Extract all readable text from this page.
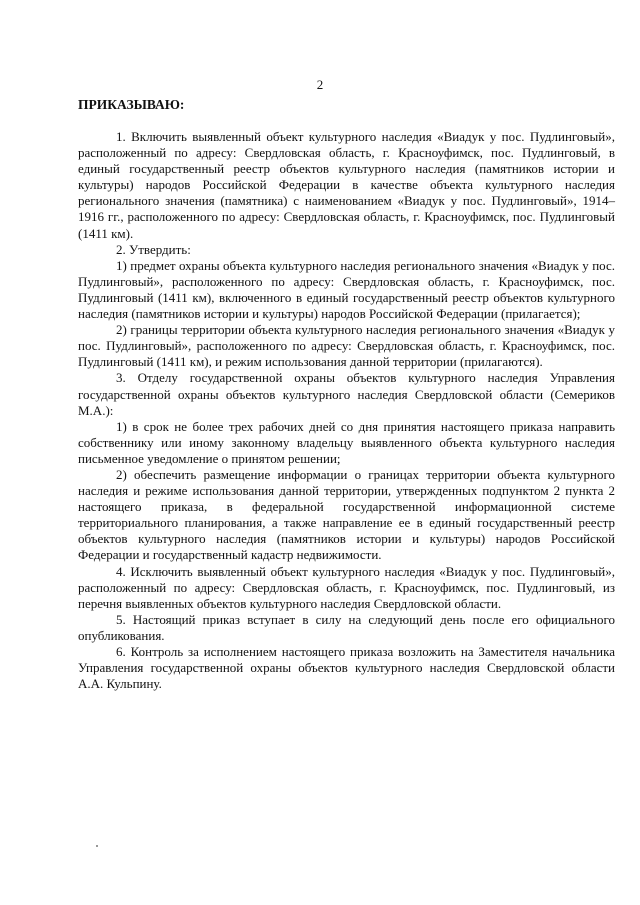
2
ПРИКАЗЫВАЮ:

1. Включить выявленный объект культурного наследия «Виадук у пос. Пудлинговый», расположенный по адресу: Свердловская область, г. Красноуфимск, пос. Пудлинговый, в единый государственный реестр объектов культурного наследия (памятников истории и культуры) народов Российской Федерации в качестве объекта культурного наследия регионального значения (памятника) с наименованием «Виадук у пос. Пудлинговый», 1914–1916 гг., расположенного по адресу: Свердловская область, г. Красноуфимск, пос. Пудлинговый (1411 км).

2. Утвердить:

1) предмет охраны объекта культурного наследия регионального значения «Виадук у пос. Пудлинговый», расположенного по адресу: Свердловская область, г. Красноуфимск, пос. Пудлинговый (1411 км), включенного в единый государственный реестр объектов культурного наследия (памятников истории и культуры) народов Российской Федерации (прилагается);

2) границы территории объекта культурного наследия регионального значения «Виадук у пос. Пудлинговый», расположенного по адресу: Свердловская область, г. Красноуфимск, пос. Пудлинговый (1411 км), и режим использования данной территории (прилагаются).

3. Отделу государственной охраны объектов культурного наследия Управления государственной охраны объектов культурного наследия Свердловской области (Семериков М.А.):

1) в срок не более трех рабочих дней со дня принятия настоящего приказа направить собственнику или иному законному владельцу выявленного объекта культурного наследия письменное уведомление о принятом решении;

2) обеспечить размещение информации о границах территории объекта культурного наследия и режиме использования данной территории, утвержденных подпунктом 2 пункта 2 настоящего приказа, в федеральной государственной информационной системе территориального планирования, а также направление ее в единый государственный реестр объектов культурного наследия (памятников истории и культуры) народов Российской Федерации и государственный кадастр недвижимости.

4. Исключить выявленный объект культурного наследия «Виадук у пос. Пудлинговый», расположенный по адресу: Свердловская область, г. Красноуфимск, пос. Пудлинговый, из перечня выявленных объектов культурного наследия Свердловской области.

5. Настоящий приказ вступает в силу на следующий день после его официального опубликования.

6. Контроль за исполнением настоящего приказа возложить на Заместителя начальника Управления государственной охраны объектов культурного наследия Свердловской области А.А. Кульпину.
